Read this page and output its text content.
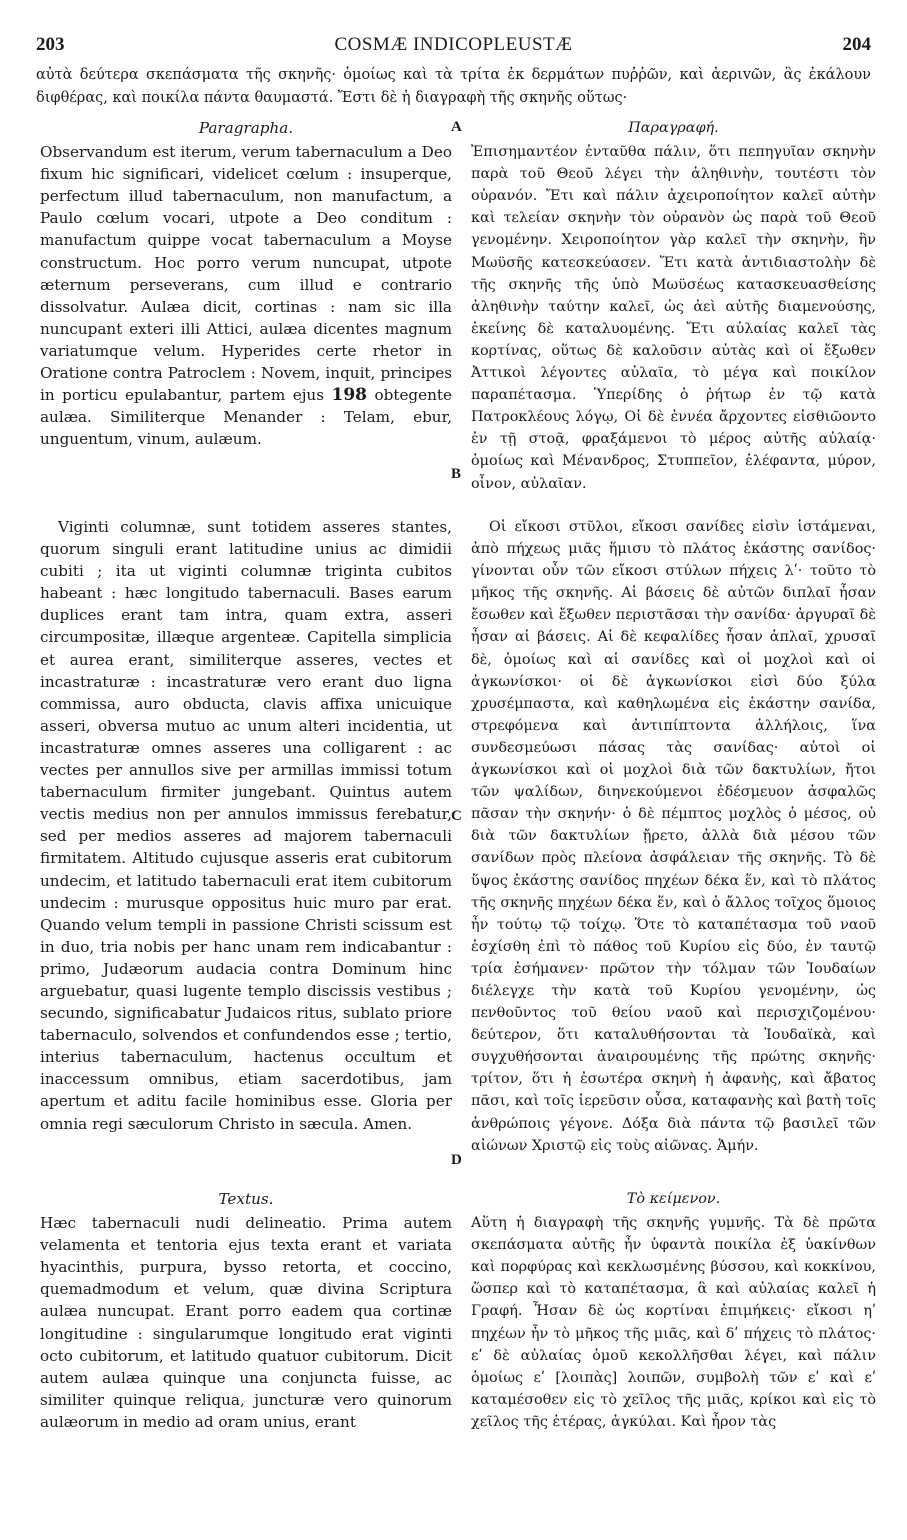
203	COSMÆ INDICOPLEUSTÆ	204
αὐτὰ δεύτερα σκεπάσματα τῆς σκηνῆς· ὁμοίως καὶ τὰ τρίτα ἐκ δερμάτων πυῤῥῶν, καὶ ἀεριvῶν, ἃς ἐκάλουν διφθέρας, καὶ ποικίλα πάντα θαυμαστά. Ἔστι δὲ ἡ διαγραφὴ τῆς σκηνῆς οὕτως·

Paragrapha.

Observandum est iterum, verum tabernaculum a Deo fixum hic significari, videlicet cœlum : insuperque, perfectum illud tabernaculum, non manufactum, a Paulo cœlum vocari, utpote a Deo conditum : manufactum quippe vocat tabernaculum a Moyse constructum. Hoc porro verum nuncupat, utpote æternum perseverans, cum illud e contrario dissolvatur. Aulæa dicit, cortinas : nam sic illa nuncupant exteri illi Attici, aulæa dicentes magnum variatumque velum. Hyperides certe rhetor in Oratione contra Patroclem : Novem, inquit, principes in porticu epulabantur, partem ejus 198 obtegente aulæa. Similiterque Menander : Telam, ebur, unguentum, vinum, aulæum.

Παραγραφή.

Ἐπισημαντέον ἐνταῦθα πάλιν, ὅτι πεπηγυῖαν σκηνὴν παρὰ τοῦ Θεοῦ λέγει τὴν ἀληθινὴν, τουτέστι τὸν οὐρανόν. Ἔτι καὶ πάλιν ἀχειροποίητον καλεῖ αὐτὴν καὶ τελείαν σκηνὴν τὸν οὐρανὸν ὡς παρὰ τοῦ Θεοῦ γενομένην. Χειροποίητον γὰρ καλεῖ τὴν σκηνὴν, ἣν Μωϋσῆς κατεσκεύασεν. Ἔτι κατὰ ἀντιδιαστολὴν δὲ τῆς σκηνῆς τῆς ὑπὸ Μωϋσέως κατασκευασθείσης ἀληθινὴν ταύτην καλεῖ, ὡς ἀεὶ αὐτῆς διαμενούσης, ἐκείνης δὲ καταλυομένης. Ἔτι αὐλαίας καλεῖ τὰς κορτίνας, οὕτως δὲ καλοῦσιν αὐτὰς καὶ οἱ ἔξωθεν Ἀττικοὶ λέγοντες αὐλαῖα, τὸ μέγα καὶ ποικίλον παραπέτασμα. Ὑπερίδης ὁ ῥήτωρ ἐν τῷ κατὰ Πατροκλέους λόγῳ, Οἱ δὲ ἐννέα ἄρχοντες εἰσθιῶοντο ἐν τῇ στοᾷ, φραξάμενοι τὸ μέρος αὐτῆς αὐλαίᾳ· ὁμοίως καὶ Μένανδρος, Στυππεῖον, ἐλέφαντα, μύρον, οἶνον, αὐλαῖαν.

Viginti columnæ, sunt totidem asseres stantes, quorum singuli erant latitudine unius ac dimidii cubiti ; ita ut viginti columnæ triginta cubitos habeant : hæc longitudo tabernaculi. Bases earum duplices erant tam intra, quam extra, asseri circumpositæ, illæque argenteæ. Capitella simplicia et aurea erant, similiterque asseres, vectes et incastraturæ : incastraturæ vero erant duo ligna commissa, auro obducta, clavis affixa unicuique asseri, obversa mutuo ac unum alteri incidentia, ut incastraturæ omnes asseres una colligarent : ac vectes per annullos sive per armillas immissi totum tabernaculum firmiter jungebant. Quintus autem vectis medius non per annulos immissus ferebatur, sed per medios asseres ad majorem tabernaculi firmitatem. Altitudo cujusque asseris erat cubitorum undecim, et latitudo tabernaculi erat item cubitorum undecim : murusque oppositus huic muro par erat. Quando velum templi in passione Christi scissum est in duo, tria nobis per hanc unam rem indicabantur : primo, Judæorum audacia contra Dominum hinc arguebatur, quasi lugente templo discissis vestibus ; secundo, significabatur Judaicos ritus, sublato priore tabernaculo, solvendos et confundendos esse ; tertio, interius tabernaculum, hactenus occultum et inaccessum omnibus, etiam sacerdotibus, jam apertum et aditu facile hominibus esse. Gloria per omnia regi sæculorum Christo in sæcula. Amen.

Οἱ εἴκοσι στῦλοι, εἴκοσι σανίδες εἰσὶν ἱστάμεναι, ἀπὸ πήχεως μιᾶς ἥμισυ τὸ πλάτος ἑκάστης σανίδος· γίνονται οὖν τῶν εἴκοσι στύλων πήχεις λʹ· τοῦτο τὸ μῆκος τῆς σκηνῆς. Αἱ βάσεις δὲ αὐτῶν διπλαῖ ἦσαν ἔσωθεν καὶ ἔξωθεν περιστᾶσαι τὴν σανίδα· ἀργυραῖ δὲ ἦσαν αἱ βάσεις. Αἱ δὲ κεφαλίδες ἦσαν ἁπλαῖ, χρυσαῖ δὲ, ὁμοίως καὶ αἱ σανίδες καὶ οἱ μοχλοὶ καὶ οἱ ἀγκωνίσκοι· οἱ δὲ ἀγκωνίσκοι εἰσὶ δύο ξύλα χρυσέμπαστα, καὶ καθηλωμένα εἰς ἑκάστην σανίδα, στρεφόμενα καὶ ἀντιπίπτοντα ἀλλήλοις, ἵνα συνδεσμεύωσι πάσας τὰς σανίδας· αὐτοὶ οἱ ἀγκωνίσκοι καὶ οἱ μοχλοὶ διὰ τῶν δακτυλίων, ἤτοι τῶν ψαλίδων, διηνεκούμενοι ἐδέσμευον ἀσφαλῶς πᾶσαν τὴν σκηνήν· ὁ δὲ πέμπτος μοχλὸς ὁ μέσος, οὐ διὰ τῶν δακτυλίων ᾔρετο, ἀλλὰ διὰ μέσου τῶν σανίδων πρὸς πλείονα ἀσφάλειαν τῆς σκηνῆς. Τὸ δὲ ὕψος ἑκάστης σανίδος πηχέων δέκα ἕν, καὶ τὸ πλάτος τῆς σκηνῆς πηχέων δέκα ἕν, καὶ ὁ ἄλλος τοῖχος ὅμοιος ἦν τούτῳ τῷ τοίχῳ. Ὅτε τὸ καταπέτασμα τοῦ ναοῦ ἐσχίσθη ἐπὶ τὸ πάθος τοῦ Κυρίου εἰς δύο, ἐν ταυτῷ τρία ἐσήμανεν· πρῶτον τὴν τόλμαν τῶν Ἰουδαίων διέλεγχε τὴν κατὰ τοῦ Κυρίου γενομένην, ὡς πενθοῦντος τοῦ θείου ναοῦ καὶ περισχιζομένου· δεύτερον, ὅτι καταλυθήσονται τὰ Ἰουδαϊκὰ, καὶ συγχυθήσονται ἀναιρουμένης τῆς πρώτης σκηνῆς· τρίτον, ὅτι ἡ ἐσωτέρα σκηνὴ ἡ ἀφανὴς, καὶ ἄβατος πᾶσι, καὶ τοῖς ἱερεῦσιν οὖσα, καταφανὴς καὶ βατὴ τοῖς ἀνθρώποις γέγονε. Δόξα διὰ πάντα τῷ βασιλεῖ τῶν αἰώνων Χριστῷ εἰς τοὺς αἰῶνας. Ἀμήν.

Textus.

Hæc tabernaculi nudi delineatio. Prima autem velamenta et tentoria ejus texta erant et variata hyacinthis, purpura, bysso retorta, et coccino, quemadmodum et velum, quæ divina Scriptura aulæa nuncupat. Erant porro eadem qua cortinæ longitudine : singularumque longitudo erat viginti octo cubitorum, et latitudo quatuor cubitorum. Dicit autem aulæa quinque una conjuncta fuisse, ac similiter quinque reliqua, juncturæ vero quinorum aulæorum in medio ad oram unius, erant

Τὸ κείμενον.

Αὕτη ἡ διαγραφὴ τῆς σκηνῆς γυμνῆς. Τὰ δὲ πρῶτα σκεπάσματα αὐτῆς ἦν ὑφαντὰ ποικίλα ἐξ ὑακίνθων καὶ πορφύρας καὶ κεκλωσμένης βύσσου, καὶ κοκκίνου, ὥσπερ καὶ τὸ καταπέτασμα, ἃ καὶ αὐλαίας καλεῖ ἡ Γραφή. Ἦσαν δὲ ὡς κορτίναι ἐπιμήκεις· εἴκοσι ηʹ πηχέων ἦν τὸ μῆκος τῆς μιᾶς, καὶ δʹ πήχεις τὸ πλάτος· εʹ δὲ αὐλαίας ὁμοῦ κεκολλῆσθαι λέγει, καὶ πάλιν ὁμοίως εʹ [λοιπὰς] λοιπῶν, συμβολὴ τῶν εʹ καὶ εʹ καταμέσοθεν εἰς τὸ χεῖλος τῆς μιᾶς, κρίκοι καὶ εἰς τὸ χεῖλος τῆς ἑτέρας, ἀγκύλαι. Καὶ ἦρον τὰς

A
B
C
D
